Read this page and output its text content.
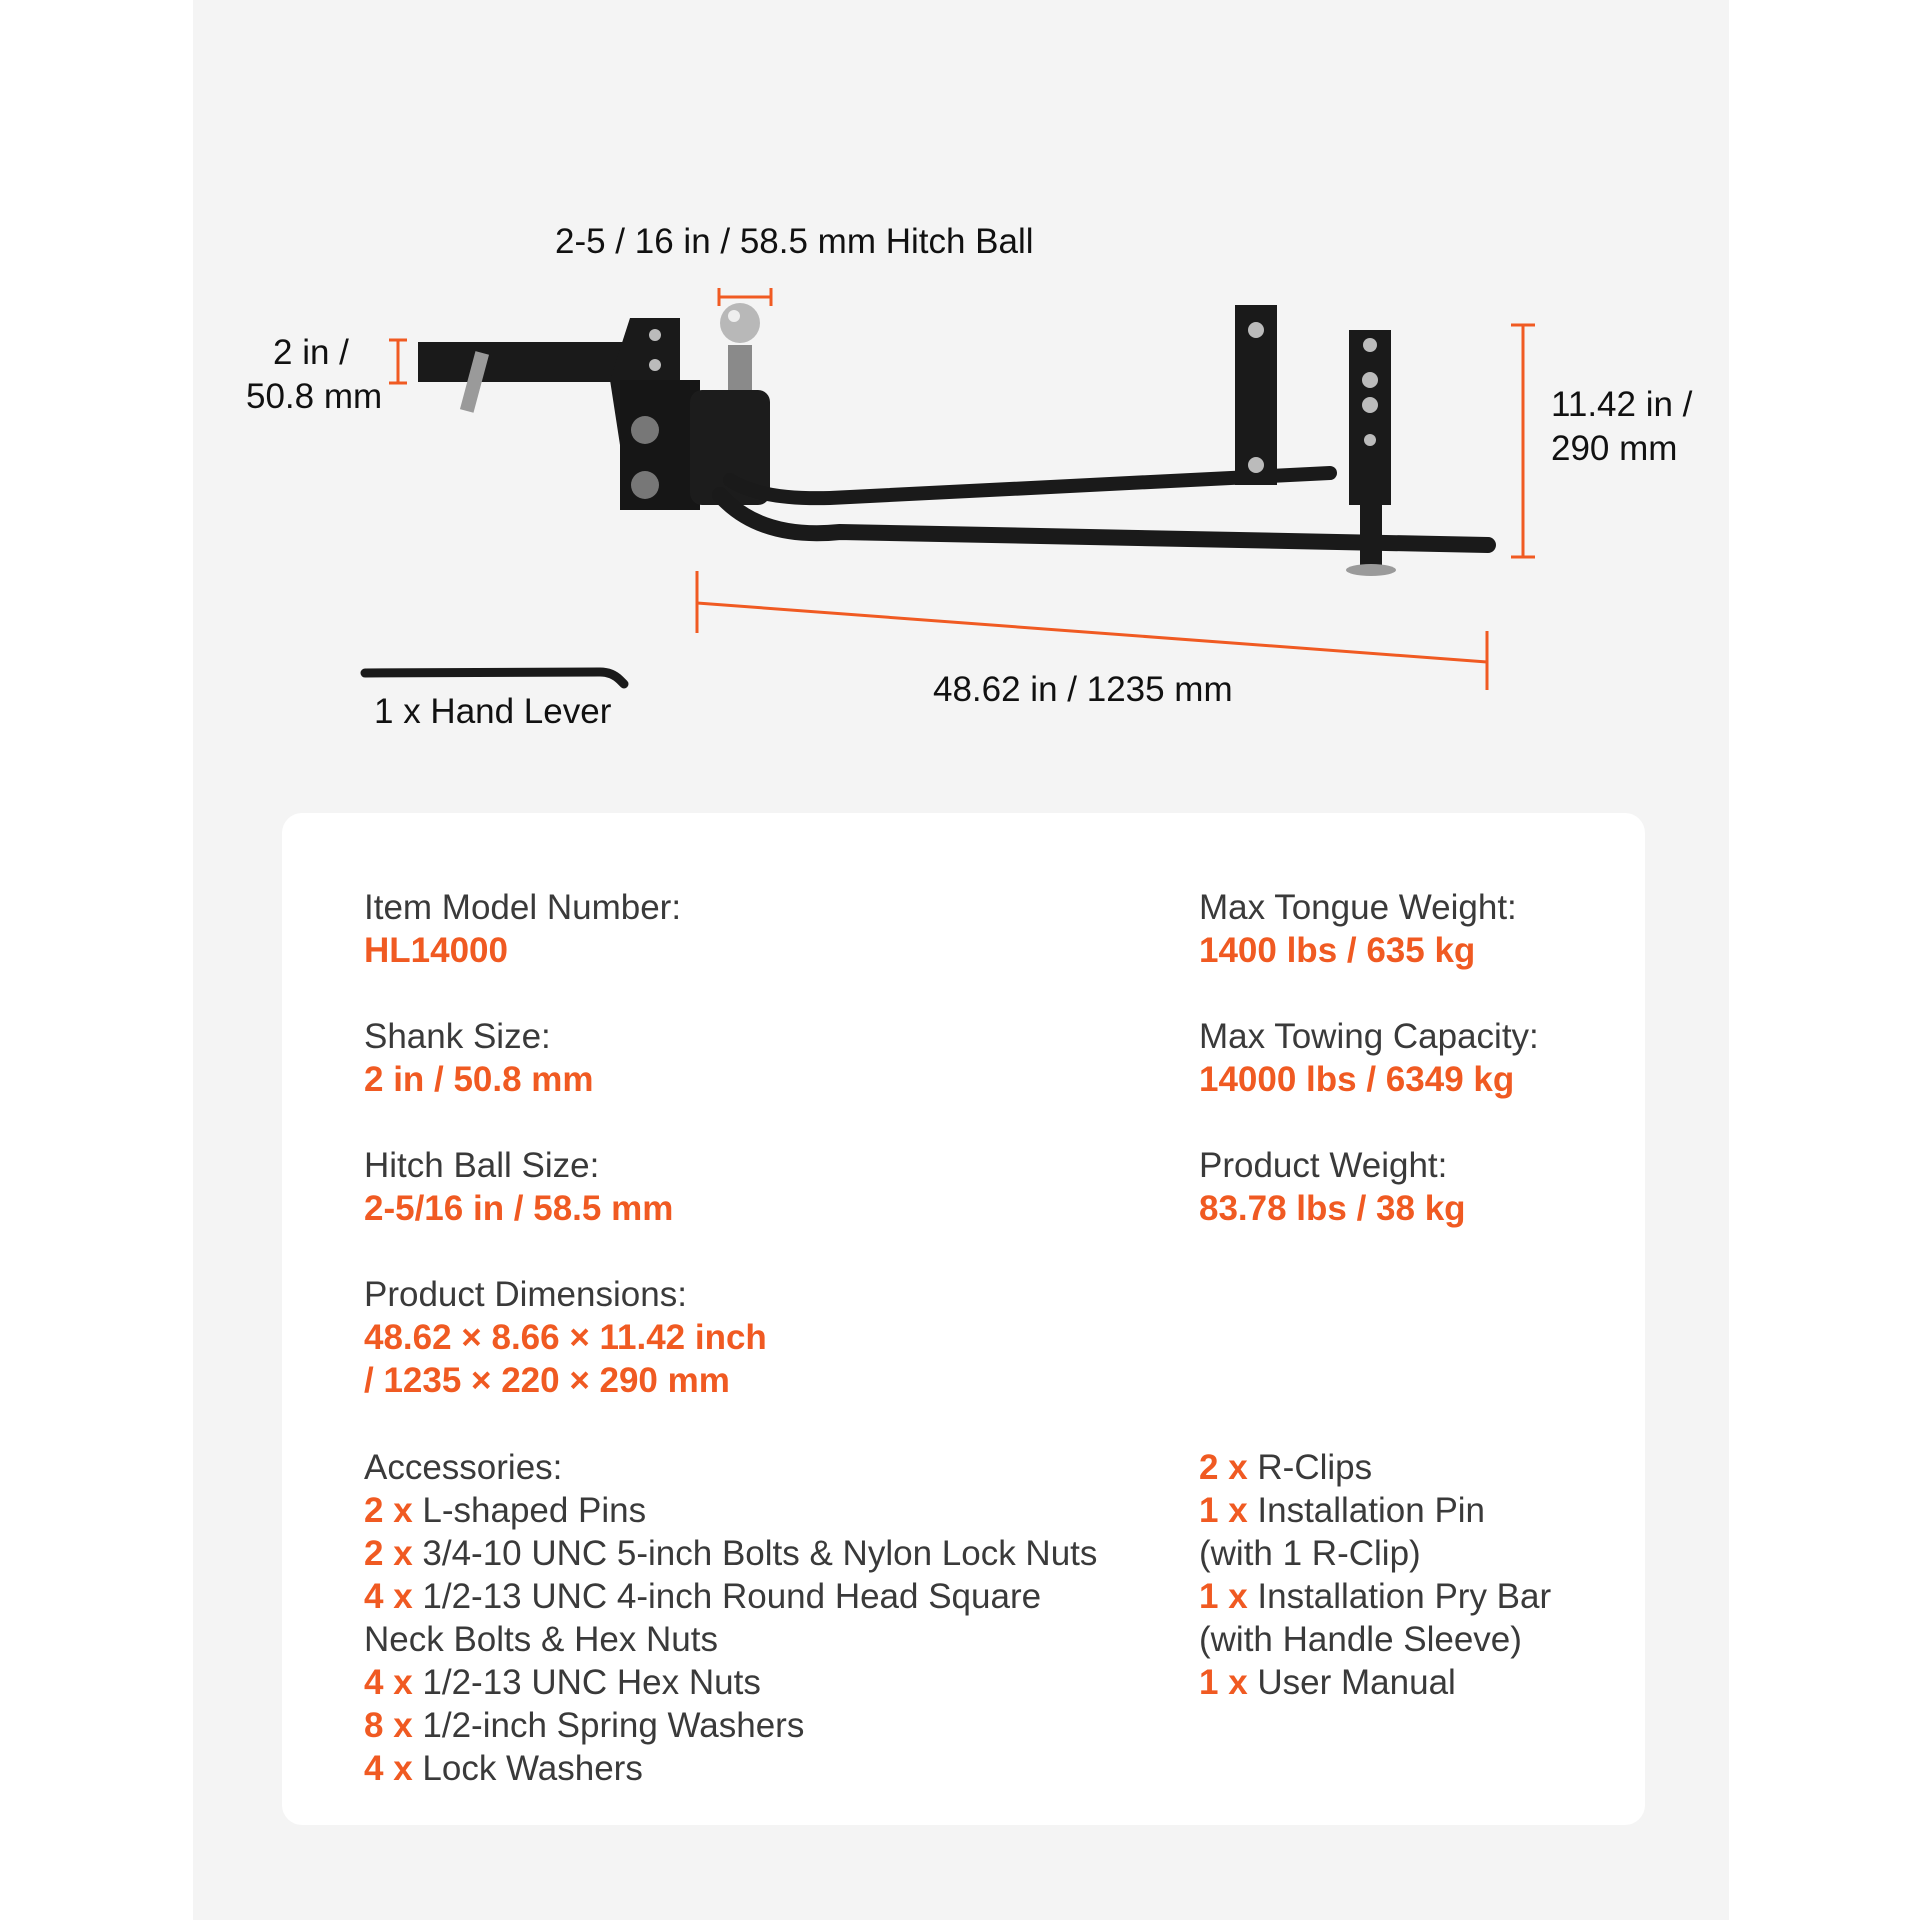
2-5 / 16 in / 58.5 mm Hitch Ball
2 in /
50.8 mm	11.42 in /
290 mm
48.62 in / 1235 mm
1 x Hand Lever
Item Model Number:
HL14000
Shank Size:
2 in / 50.8 mm
Hitch Ball Size:
2-5/16 in / 58.5 mm
Product Dimensions:
48.62 × 8.66 × 11.42 inch
/ 1235 × 220 × 290 mm
Max Tongue Weight:
1400 lbs / 635 kg
Max Towing Capacity:
14000 lbs / 6349 kg
Product Weight:
83.78 lbs / 38 kg
Accessories:
2 x L-shaped Pins
2 x 3/4-10 UNC 5-inch Bolts & Nylon Lock Nuts
4 x 1/2-13 UNC 4-inch Round Head Square
Neck Bolts & Hex Nuts
4 x 1/2-13 UNC Hex Nuts
8 x 1/2-inch Spring Washers
4 x Lock Washers
2 x R-Clips
1 x Installation Pin
(with 1 R-Clip)
1 x Installation Pry Bar
(with Handle Sleeve)
1 x User Manual
